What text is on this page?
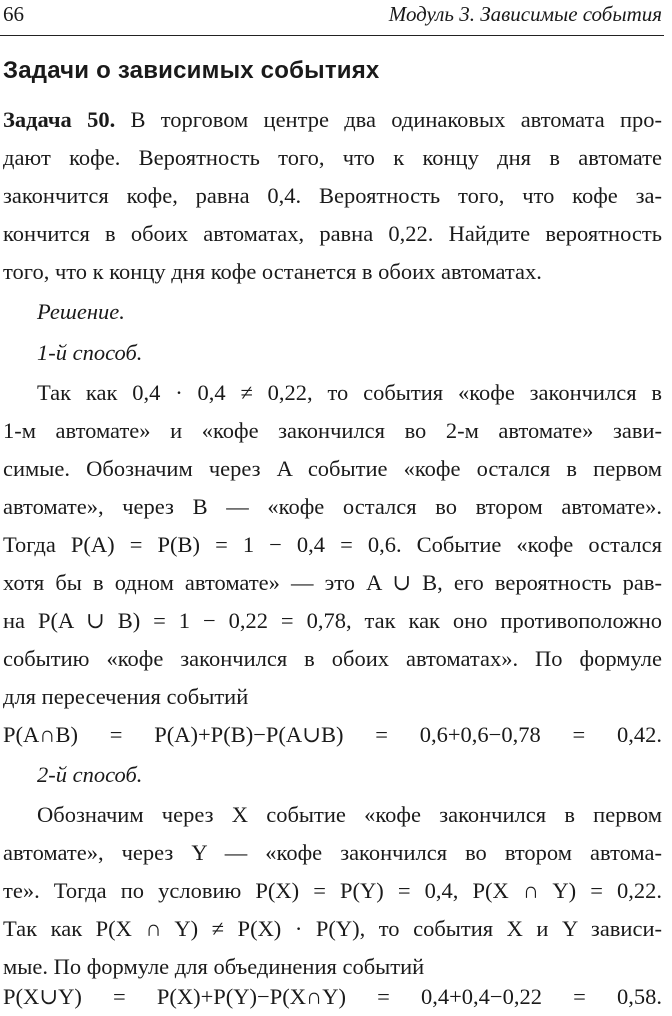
66	Модуль 3. Зависимые события
Задачи о зависимых событиях
Задача 50. В торговом центре два одинаковых автомата про-
дают кофе. Вероятность того, что к концу дня в автомате
закончится кофе, равна 0,4. Вероятность того, что кофе за-
кончится в обоих автоматах, равна 0,22. Найдите вероятность
того, что к концу дня кофе останется в обоих автоматах.
Решение.
1-й способ.
Так как 0,4 · 0,4 ≠ 0,22, то события «кофе закончился в
1-м автомате» и «кофе закончился во 2-м автомате» зави-
симые. Обозначим через A событие «кофе остался в первом
автомате», через B — «кофе остался во втором автомате».
Тогда P(A) = P(B) = 1 − 0,4 = 0,6. Событие «кофе остался
хотя бы в одном автомате» — это A ∪ B, его вероятность рав-
на P(A ∪ B) = 1 − 0,22 = 0,78, так как оно противоположно
событию «кофе закончился в обоих автоматах». По формуле
для пересечения событий
P(A∩B) = P(A)+P(B)−P(A∪B) = 0,6+0,6−0,78 = 0,42.
2-й способ.
Обозначим через X событие «кофе закончился в первом
автомате», через Y — «кофе закончился во втором автома-
те». Тогда по условию P(X) = P(Y) = 0,4, P(X ∩ Y) = 0,22.
Так как P(X ∩ Y) ≠ P(X) · P(Y), то события X и Y зависи-
мые. По формуле для объединения событий
P(X∪Y) = P(X)+P(Y)−P(X∩Y) = 0,4+0,4−0,22 = 0,58.
